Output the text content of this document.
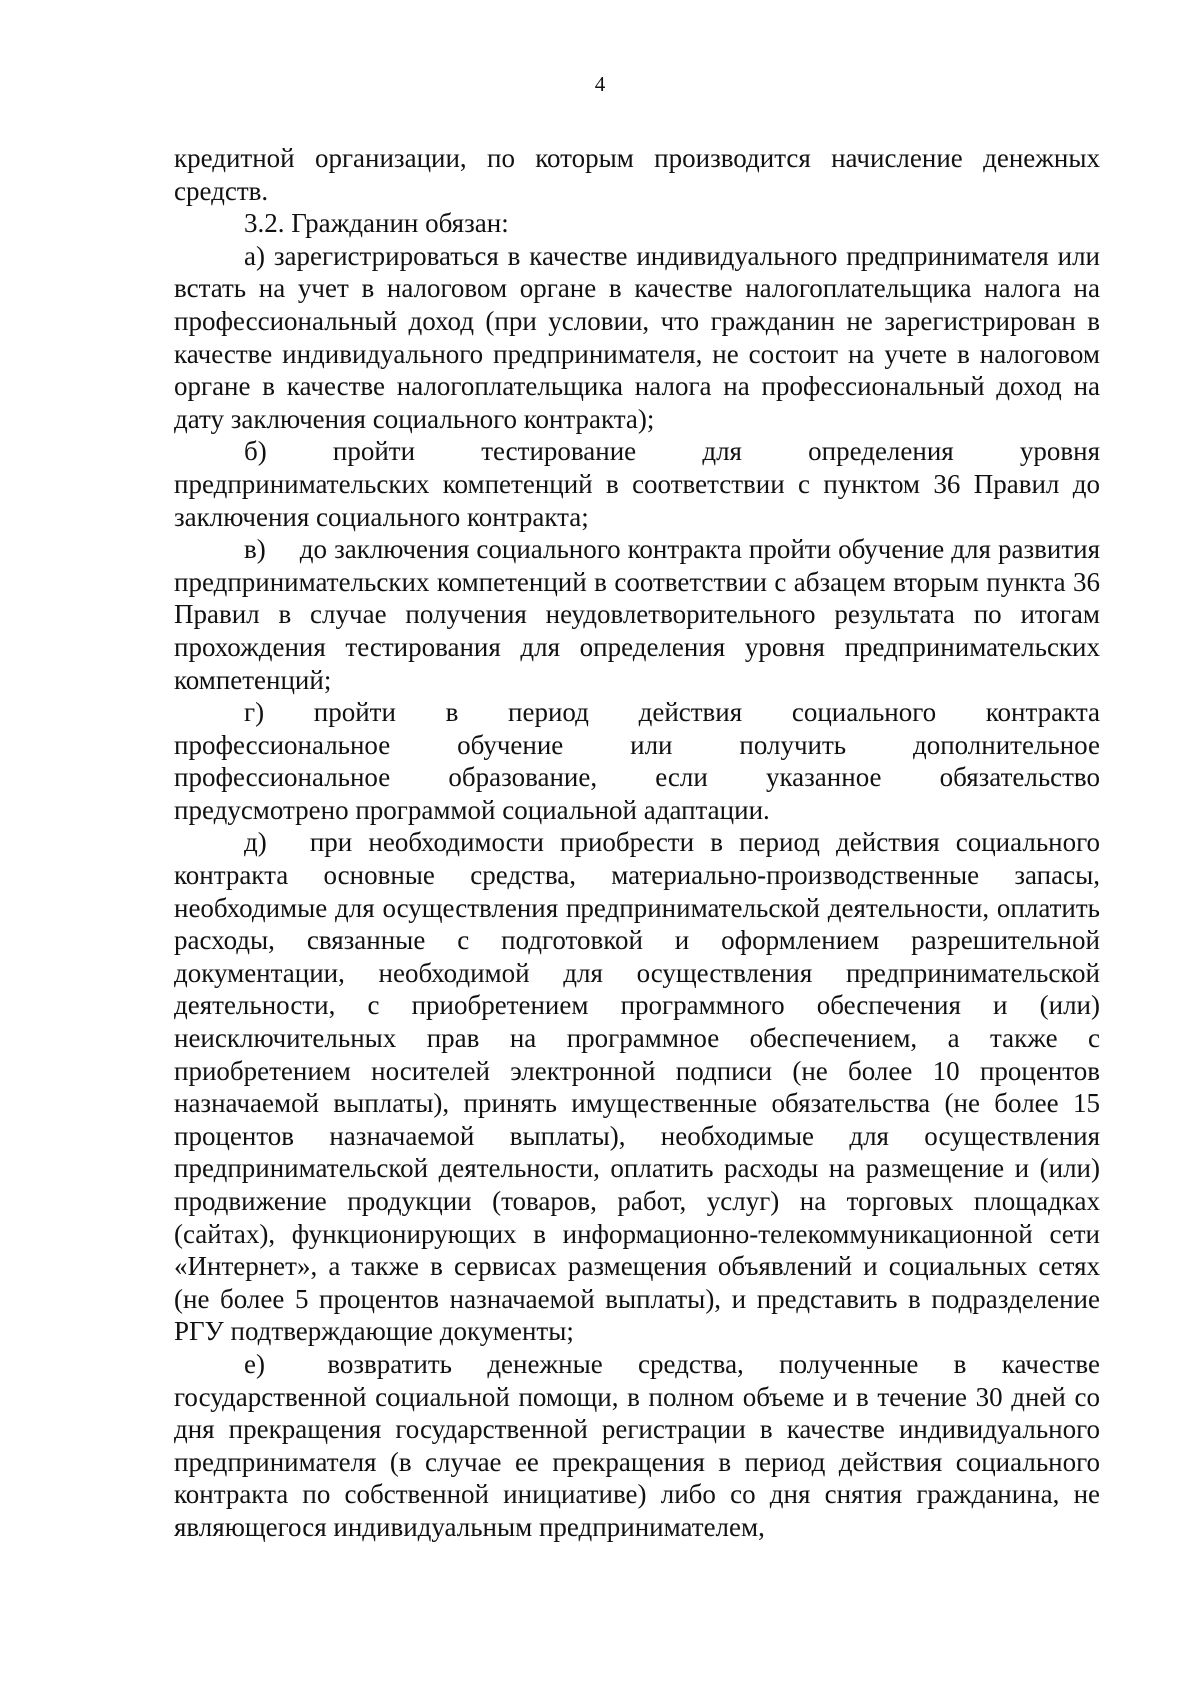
4

кредитной организации, по которым производится начисление денежных средств.

3.2. Гражданин обязан:

а) зарегистрироваться в качестве индивидуального предпринимателя или встать на учет в налоговом органе в качестве налогоплательщика налога на профессиональный доход (при условии, что гражданин не зарегистрирован в качестве индивидуального предпринимателя, не состоит на учете в налоговом органе в качестве налогоплательщика налога на профессиональный доход на дату заключения социального контракта);

б)  пройти  тестирование  для  определения  уровня предпринимательских компетенций в соответствии с пунктом 36 Правил до заключения социального контракта;

в)  до заключения социального контракта пройти обучение для развития предпринимательских компетенций в соответствии с абзацем вторым пункта 36 Правил в случае получения неудовлетворительного результата по итогам прохождения тестирования для определения уровня предпринимательских компетенций;

г)  пройти  в  период  действия  социального  контракта профессиональное  обучение  или  получить  дополнительное профессиональное  образование,  если  указанное  обязательство предусмотрено программой социальной адаптации.

д)  при необходимости приобрести в период действия социального контракта основные средства, материально-производственные запасы, необходимые для осуществления предпринимательской деятельности, оплатить расходы, связанные с подготовкой и оформлением разрешительной документации, необходимой для осуществления предпринимательской деятельности, с приобретением программного обеспечения и (или) неисключительных прав на программное обеспечением, а также с приобретением носителей электронной подписи (не более 10 процентов назначаемой выплаты), принять имущественные обязательства (не более 15 процентов назначаемой выплаты), необходимые для осуществления предпринимательской деятельности, оплатить расходы на размещение и (или) продвижение продукции (товаров, работ, услуг) на торговых площадках (сайтах), функционирующих в информационно-телекоммуникационной сети «Интернет», а также в сервисах размещения объявлений и социальных сетях (не более 5 процентов назначаемой выплаты), и представить в подразделение РГУ подтверждающие документы;

е)  возвратить денежные средства, полученные в качестве государственной социальной помощи, в полном объеме и в течение 30 дней со дня прекращения государственной регистрации в качестве индивидуального предпринимателя (в случае ее прекращения в период действия социального контракта по собственной инициативе) либо со дня снятия гражданина, не являющегося индивидуальным предпринимателем,
